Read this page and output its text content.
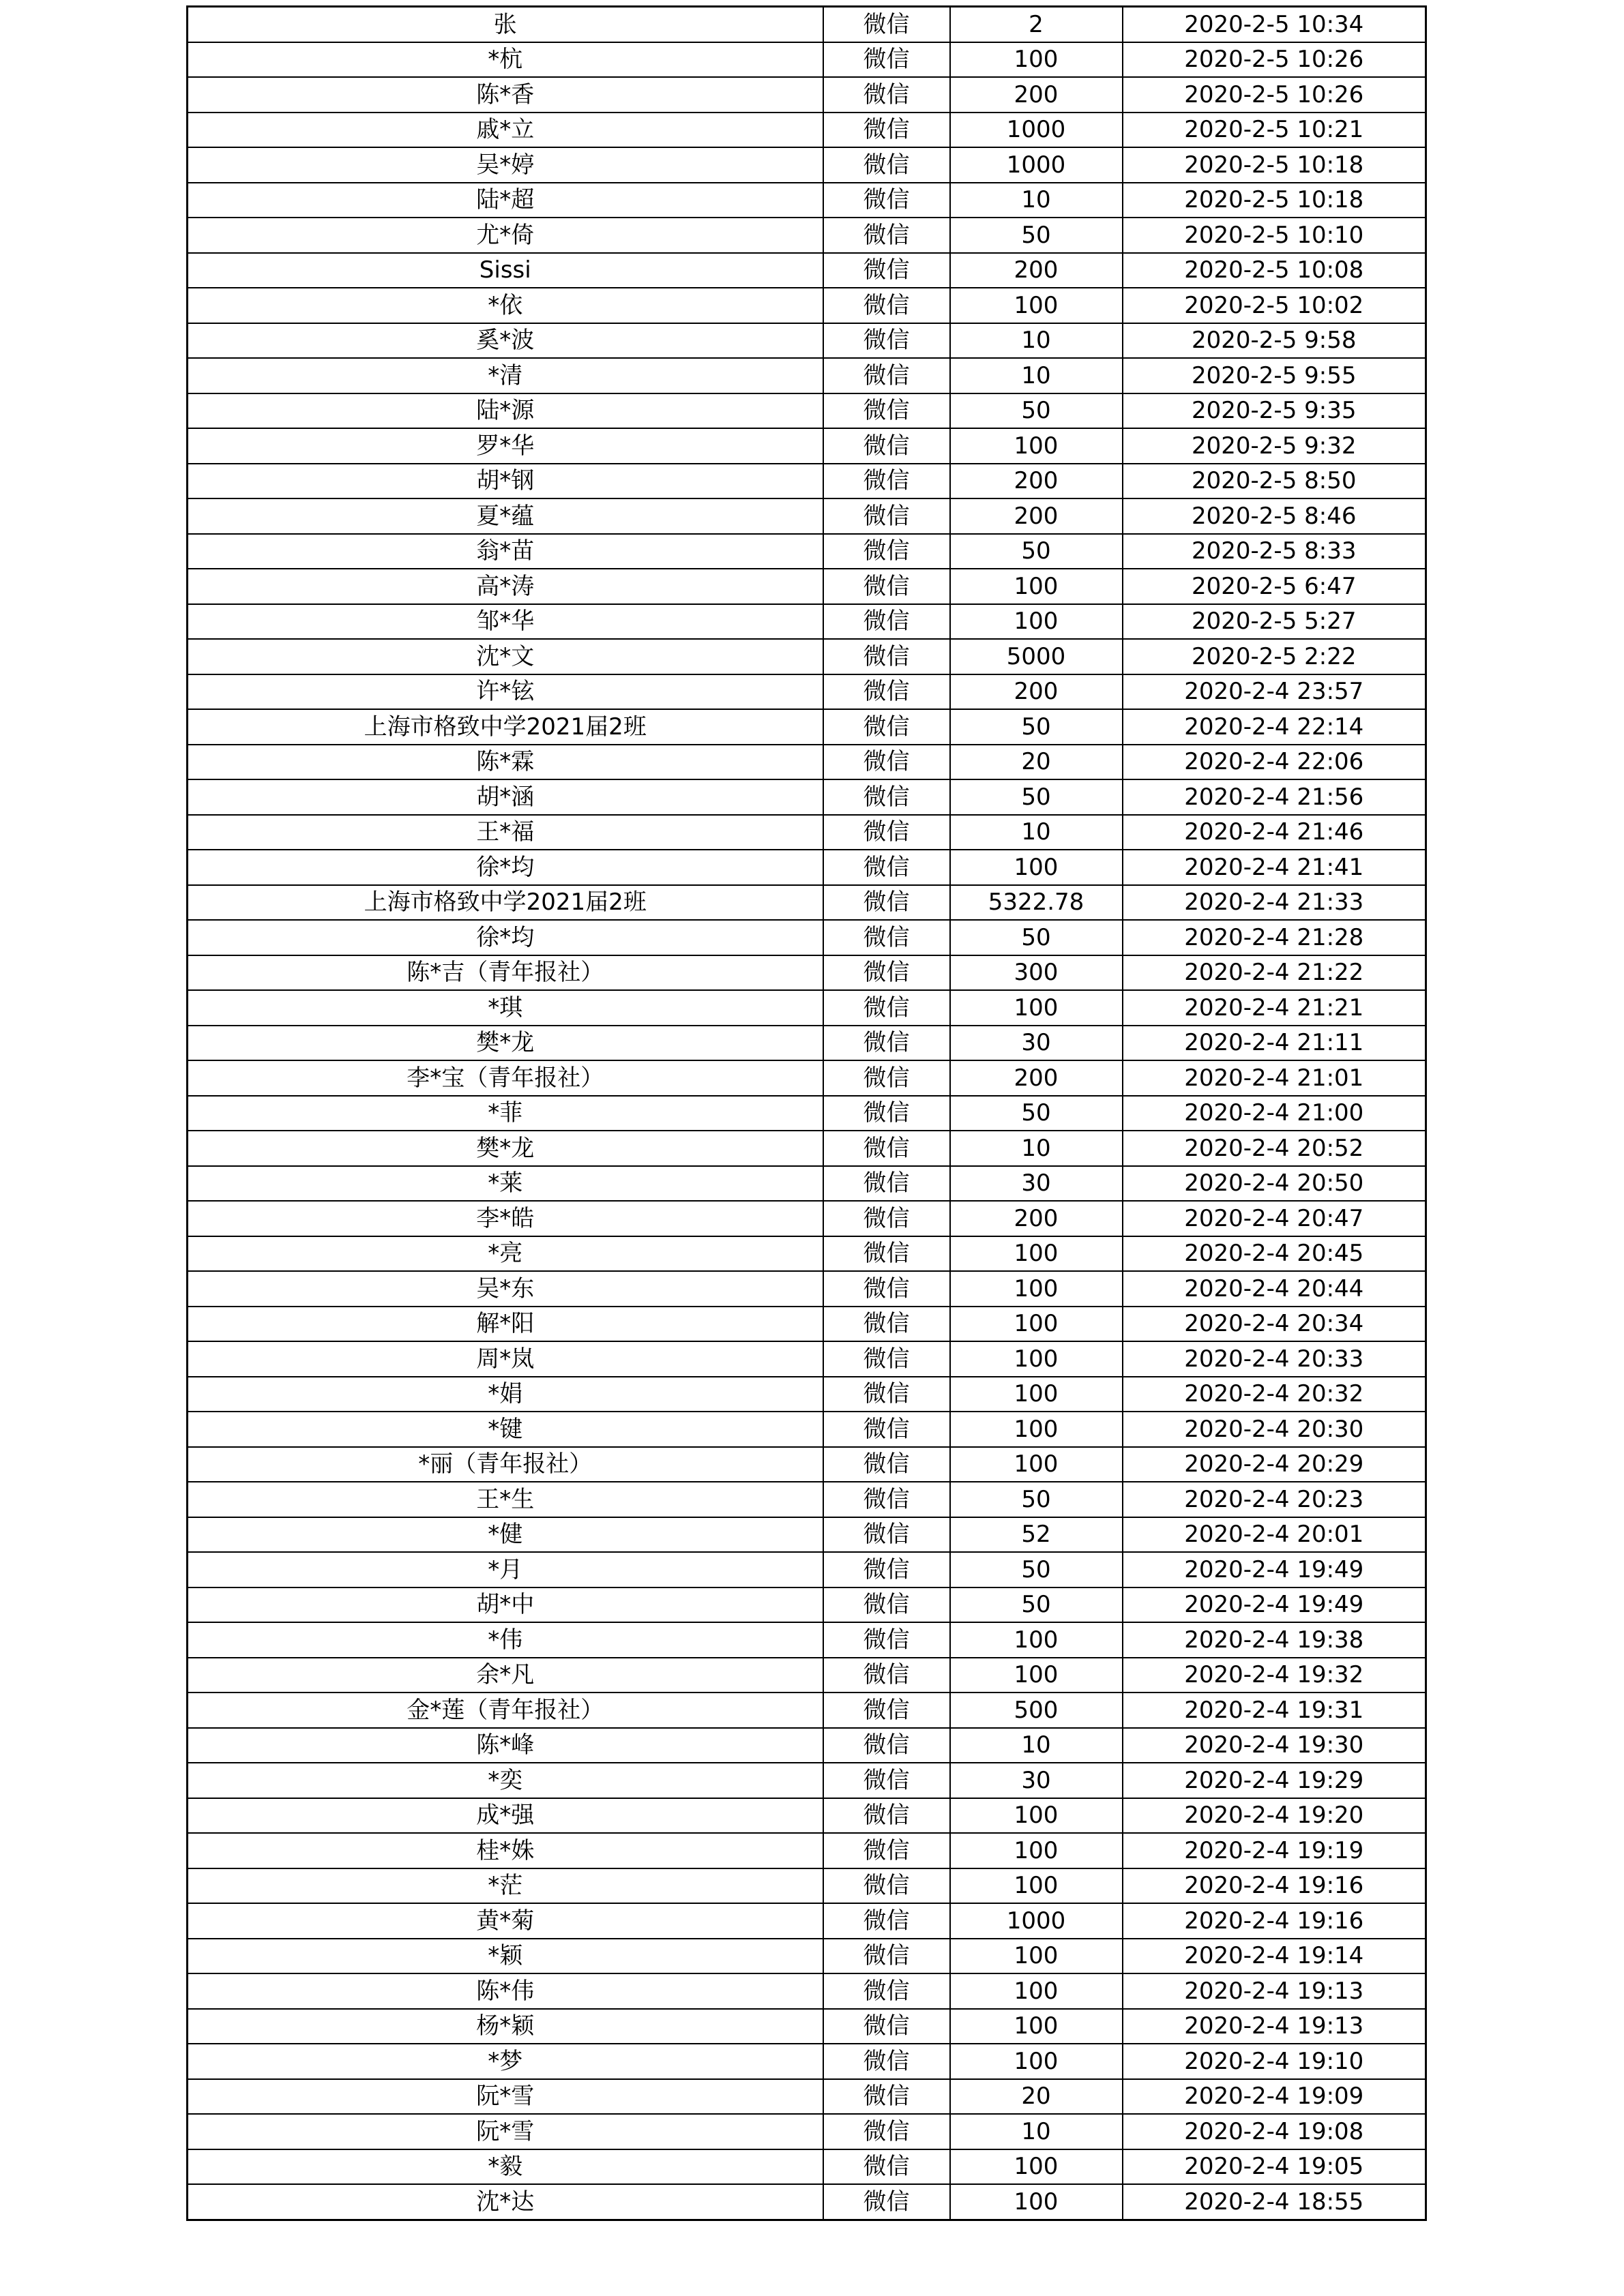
张	微信	2	2020-2-5 10:34
*杭	微信	100	2020-2-5 10:26
陈*香	微信	200	2020-2-5 10:26
戚*立	微信	1000	2020-2-5 10:21
吴*婷	微信	1000	2020-2-5 10:18
陆*超	微信	10	2020-2-5 10:18
尤*倚	微信	50	2020-2-5 10:10
Sissi	微信	200	2020-2-5 10:08
*依	微信	100	2020-2-5 10:02
奚*波	微信	10	2020-2-5 9:58
*清	微信	10	2020-2-5 9:55
陆*源	微信	50	2020-2-5 9:35
罗*华	微信	100	2020-2-5 9:32
胡*钢	微信	200	2020-2-5 8:50
夏*蕴	微信	200	2020-2-5 8:46
翁*苗	微信	50	2020-2-5 8:33
高*涛	微信	100	2020-2-5 6:47
邹*华	微信	100	2020-2-5 5:27
沈*文	微信	5000	2020-2-5 2:22
许*铉	微信	200	2020-2-4 23:57
上海市格致中学2021届2班	微信	50	2020-2-4 22:14
陈*霖	微信	20	2020-2-4 22:06
胡*涵	微信	50	2020-2-4 21:56
王*福	微信	10	2020-2-4 21:46
徐*均	微信	100	2020-2-4 21:41
上海市格致中学2021届2班	微信	5322.78	2020-2-4 21:33
徐*均	微信	50	2020-2-4 21:28
陈*吉（青年报社）	微信	300	2020-2-4 21:22
*琪	微信	100	2020-2-4 21:21
樊*龙	微信	30	2020-2-4 21:11
李*宝（青年报社）	微信	200	2020-2-4 21:01
*菲	微信	50	2020-2-4 21:00
樊*龙	微信	10	2020-2-4 20:52
*莱	微信	30	2020-2-4 20:50
李*皓	微信	200	2020-2-4 20:47
*亮	微信	100	2020-2-4 20:45
吴*东	微信	100	2020-2-4 20:44
解*阳	微信	100	2020-2-4 20:34
周*岚	微信	100	2020-2-4 20:33
*娟	微信	100	2020-2-4 20:32
*键	微信	100	2020-2-4 20:30
*丽（青年报社）	微信	100	2020-2-4 20:29
王*生	微信	50	2020-2-4 20:23
*健	微信	52	2020-2-4 20:01
*月	微信	50	2020-2-4 19:49
胡*中	微信	50	2020-2-4 19:49
*伟	微信	100	2020-2-4 19:38
余*凡	微信	100	2020-2-4 19:32
金*莲（青年报社）	微信	500	2020-2-4 19:31
陈*峰	微信	10	2020-2-4 19:30
*奕	微信	30	2020-2-4 19:29
成*强	微信	100	2020-2-4 19:20
桂*姝	微信	100	2020-2-4 19:19
*茫	微信	100	2020-2-4 19:16
黄*菊	微信	1000	2020-2-4 19:16
*颖	微信	100	2020-2-4 19:14
陈*伟	微信	100	2020-2-4 19:13
杨*颖	微信	100	2020-2-4 19:13
*梦	微信	100	2020-2-4 19:10
阮*雪	微信	20	2020-2-4 19:09
阮*雪	微信	10	2020-2-4 19:08
*毅	微信	100	2020-2-4 19:05
沈*达	微信	100	2020-2-4 18:55
